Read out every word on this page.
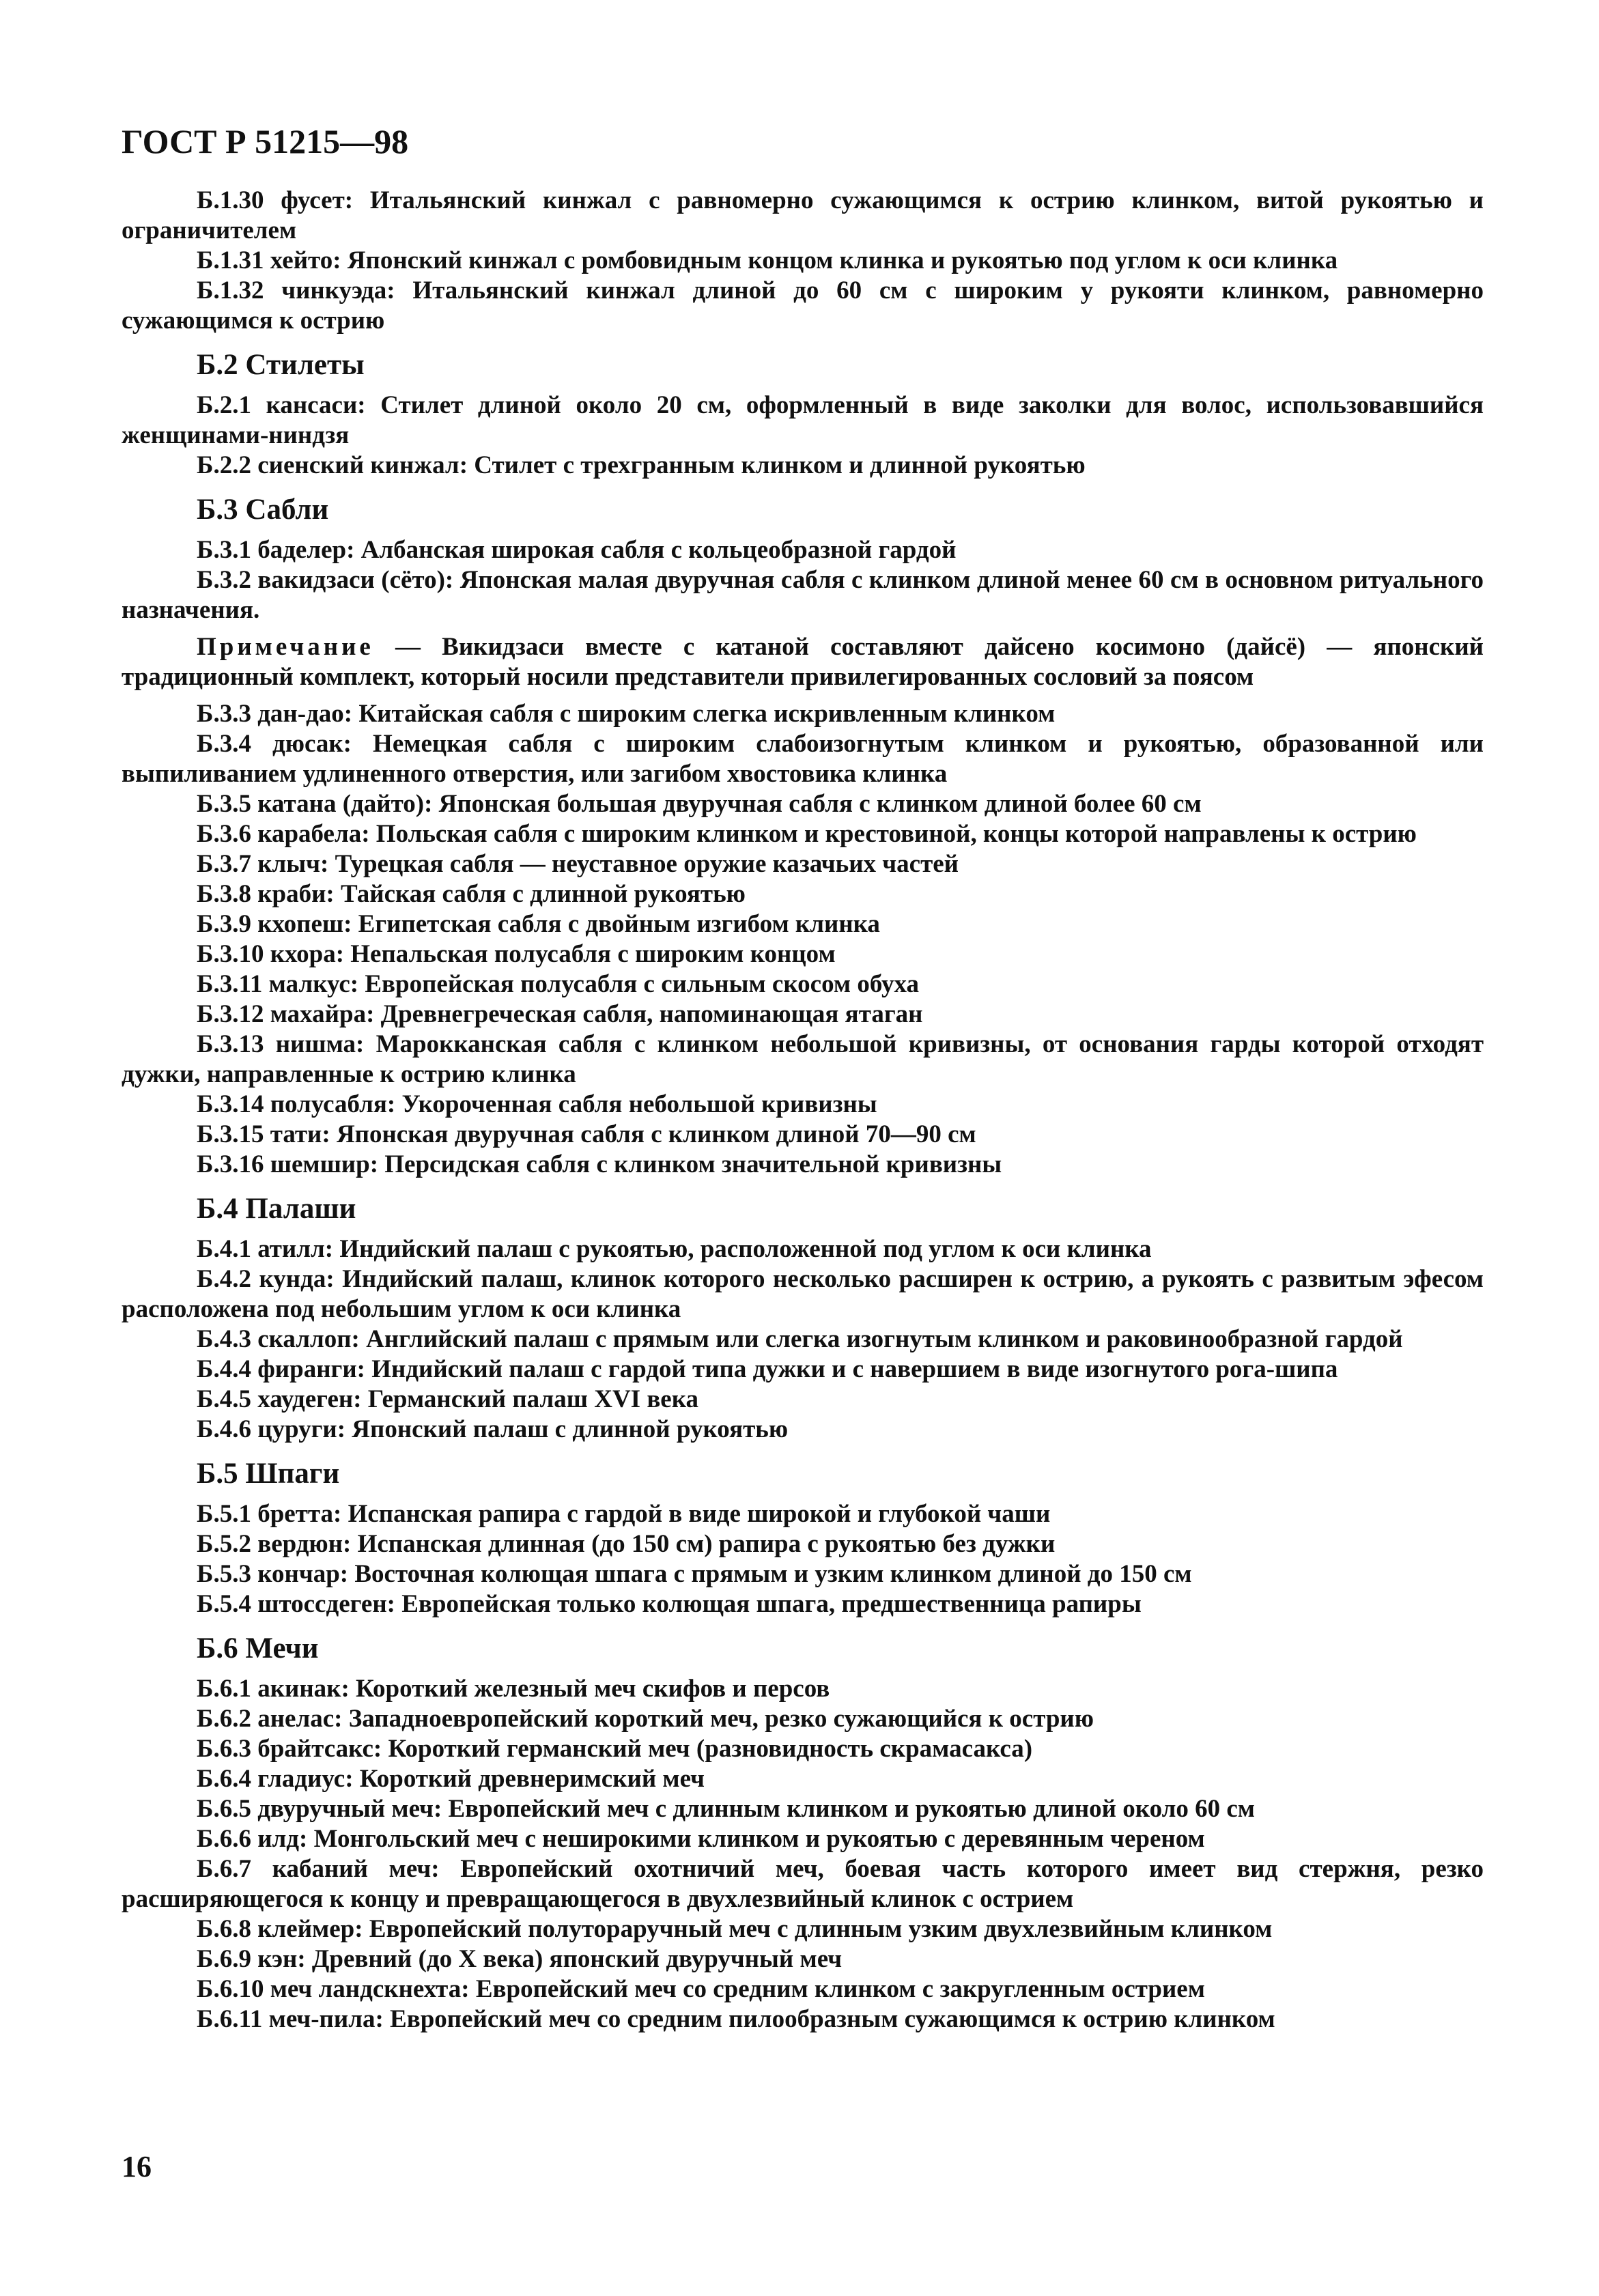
ГОСТ Р 51215—98

Б.1.30 фусет: Итальянский кинжал с равномерно сужающимся к острию клинком, витой рукоятью и ограничителем

Б.1.31 хейто: Японский кинжал с ромбовидным концом клинка и рукоятью под углом к оси клинка

Б.1.32 чинкуэда: Итальянский кинжал длиной до 60 см с широким у рукояти клинком, равномерно сужающимся к острию

Б.2 Стилеты

Б.2.1 кансаси: Стилет длиной около 20 см, оформленный в виде заколки для волос, использовавшийся женщинами-ниндзя

Б.2.2 сиенский кинжал: Стилет с трехгранным клинком и длинной рукоятью

Б.3 Сабли

Б.3.1 баделер: Албанская широкая сабля с кольцеобразной гардой

Б.3.2 вакидзаси (сёто): Японская малая двуручная сабля с клинком длиной менее 60 см в основном ритуального назначения.

Примечание — Викидзаси вместе с катаной составляют дайсено косимоно (дайсё) — японский традиционный комплект, который носили представители привилегированных сословий за поясом

Б.3.3 дан-дао: Китайская сабля с широким слегка искривленным клинком

Б.3.4 дюсак: Немецкая сабля с широким слабоизогнутым клинком и рукоятью, образованной или выпиливанием удлиненного отверстия, или загибом хвостовика клинка

Б.3.5 катана (дайто): Японская большая двуручная сабля с клинком длиной более 60 см

Б.3.6 карабела: Польская сабля с широким клинком и крестовиной, концы которой направлены к острию

Б.3.7 клыч: Турецкая сабля — неуставное оружие казачьих частей

Б.3.8 краби: Тайская сабля с длинной рукоятью

Б.3.9 кхопеш: Египетская сабля с двойным изгибом клинка

Б.3.10 кхора: Непальская полусабля с широким концом

Б.3.11 малкус: Европейская полусабля с сильным скосом обуха

Б.3.12 махайра: Древнегреческая сабля, напоминающая ятаган

Б.3.13 нишма: Марокканская сабля с клинком небольшой кривизны, от основания гарды которой отходят дужки, направленные к острию клинка

Б.3.14 полусабля: Укороченная сабля небольшой кривизны

Б.3.15 тати: Японская двуручная сабля с клинком длиной 70—90 см

Б.3.16 шемшир: Персидская сабля с клинком значительной кривизны

Б.4 Палаши

Б.4.1 атилл: Индийский палаш с рукоятью, расположенной под углом к оси клинка

Б.4.2 кунда: Индийский палаш, клинок которого несколько расширен к острию, а рукоять с развитым эфесом расположена под небольшим углом к оси клинка

Б.4.3 скаллоп: Английский палаш с прямым или слегка изогнутым клинком и раковинообразной гардой

Б.4.4 фиранги: Индийский палаш с гардой типа дужки и с навершием в виде изогнутого рога-шипа

Б.4.5 хаудеген: Германский палаш XVI века

Б.4.6 цуруги: Японский палаш с длинной рукоятью

Б.5 Шпаги

Б.5.1 бретта: Испанская рапира с гардой в виде широкой и глубокой чаши

Б.5.2 вердюн: Испанская длинная (до 150 см) рапира с рукоятью без дужки

Б.5.3 кончар: Восточная колющая шпага с прямым и узким клинком длиной до 150 см

Б.5.4 штоссдеген: Европейская только колющая шпага, предшественница рапиры

Б.6 Мечи

Б.6.1 акинак: Короткий железный меч скифов и персов

Б.6.2 анелас: Западноевропейский короткий меч, резко сужающийся к острию

Б.6.3 брайтсакс: Короткий германский меч (разновидность скрамасакса)

Б.6.4 гладиус: Короткий древнеримский меч

Б.6.5 двуручный меч: Европейский меч с длинным клинком и рукоятью длиной около 60 см

Б.6.6 илд: Монгольский меч с неширокими клинком и рукоятью с деревянным череном

Б.6.7 кабаний меч: Европейский охотничий меч, боевая часть которого имеет вид стержня, резко расширяющегося к концу и превращающегося в двухлезвийный клинок с острием

Б.6.8 клеймер: Европейский полутораручный меч с длинным узким двухлезвийным клинком

Б.6.9 кэн: Древний (до X века) японский двуручный меч

Б.6.10 меч ландскнехта: Европейский меч со средним клинком с закругленным острием

Б.6.11 меч-пила: Европейский меч со средним пилообразным сужающимся к острию клинком

16
